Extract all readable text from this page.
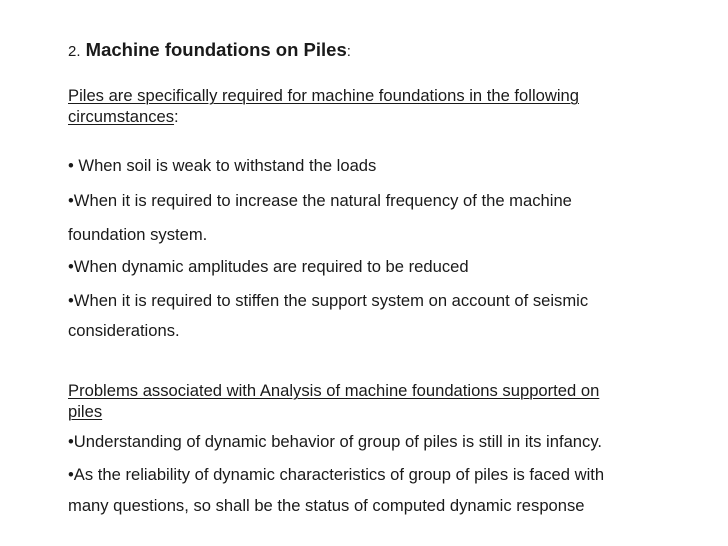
2. Machine foundations on Piles:
Piles are specifically required for machine foundations in the following
circumstances:
• When soil is weak to withstand the loads
•When it is required to increase the natural frequency of the machine
foundation system.
•When dynamic amplitudes are required to be reduced
•When it is required to stiffen the support system on account of seismic
considerations.
Problems associated with Analysis of machine foundations supported on
piles
•Understanding of dynamic behavior of group of piles is still in its infancy.
•As the reliability of dynamic characteristics of group of piles is faced with
many questions, so shall be the status of computed dynamic response
